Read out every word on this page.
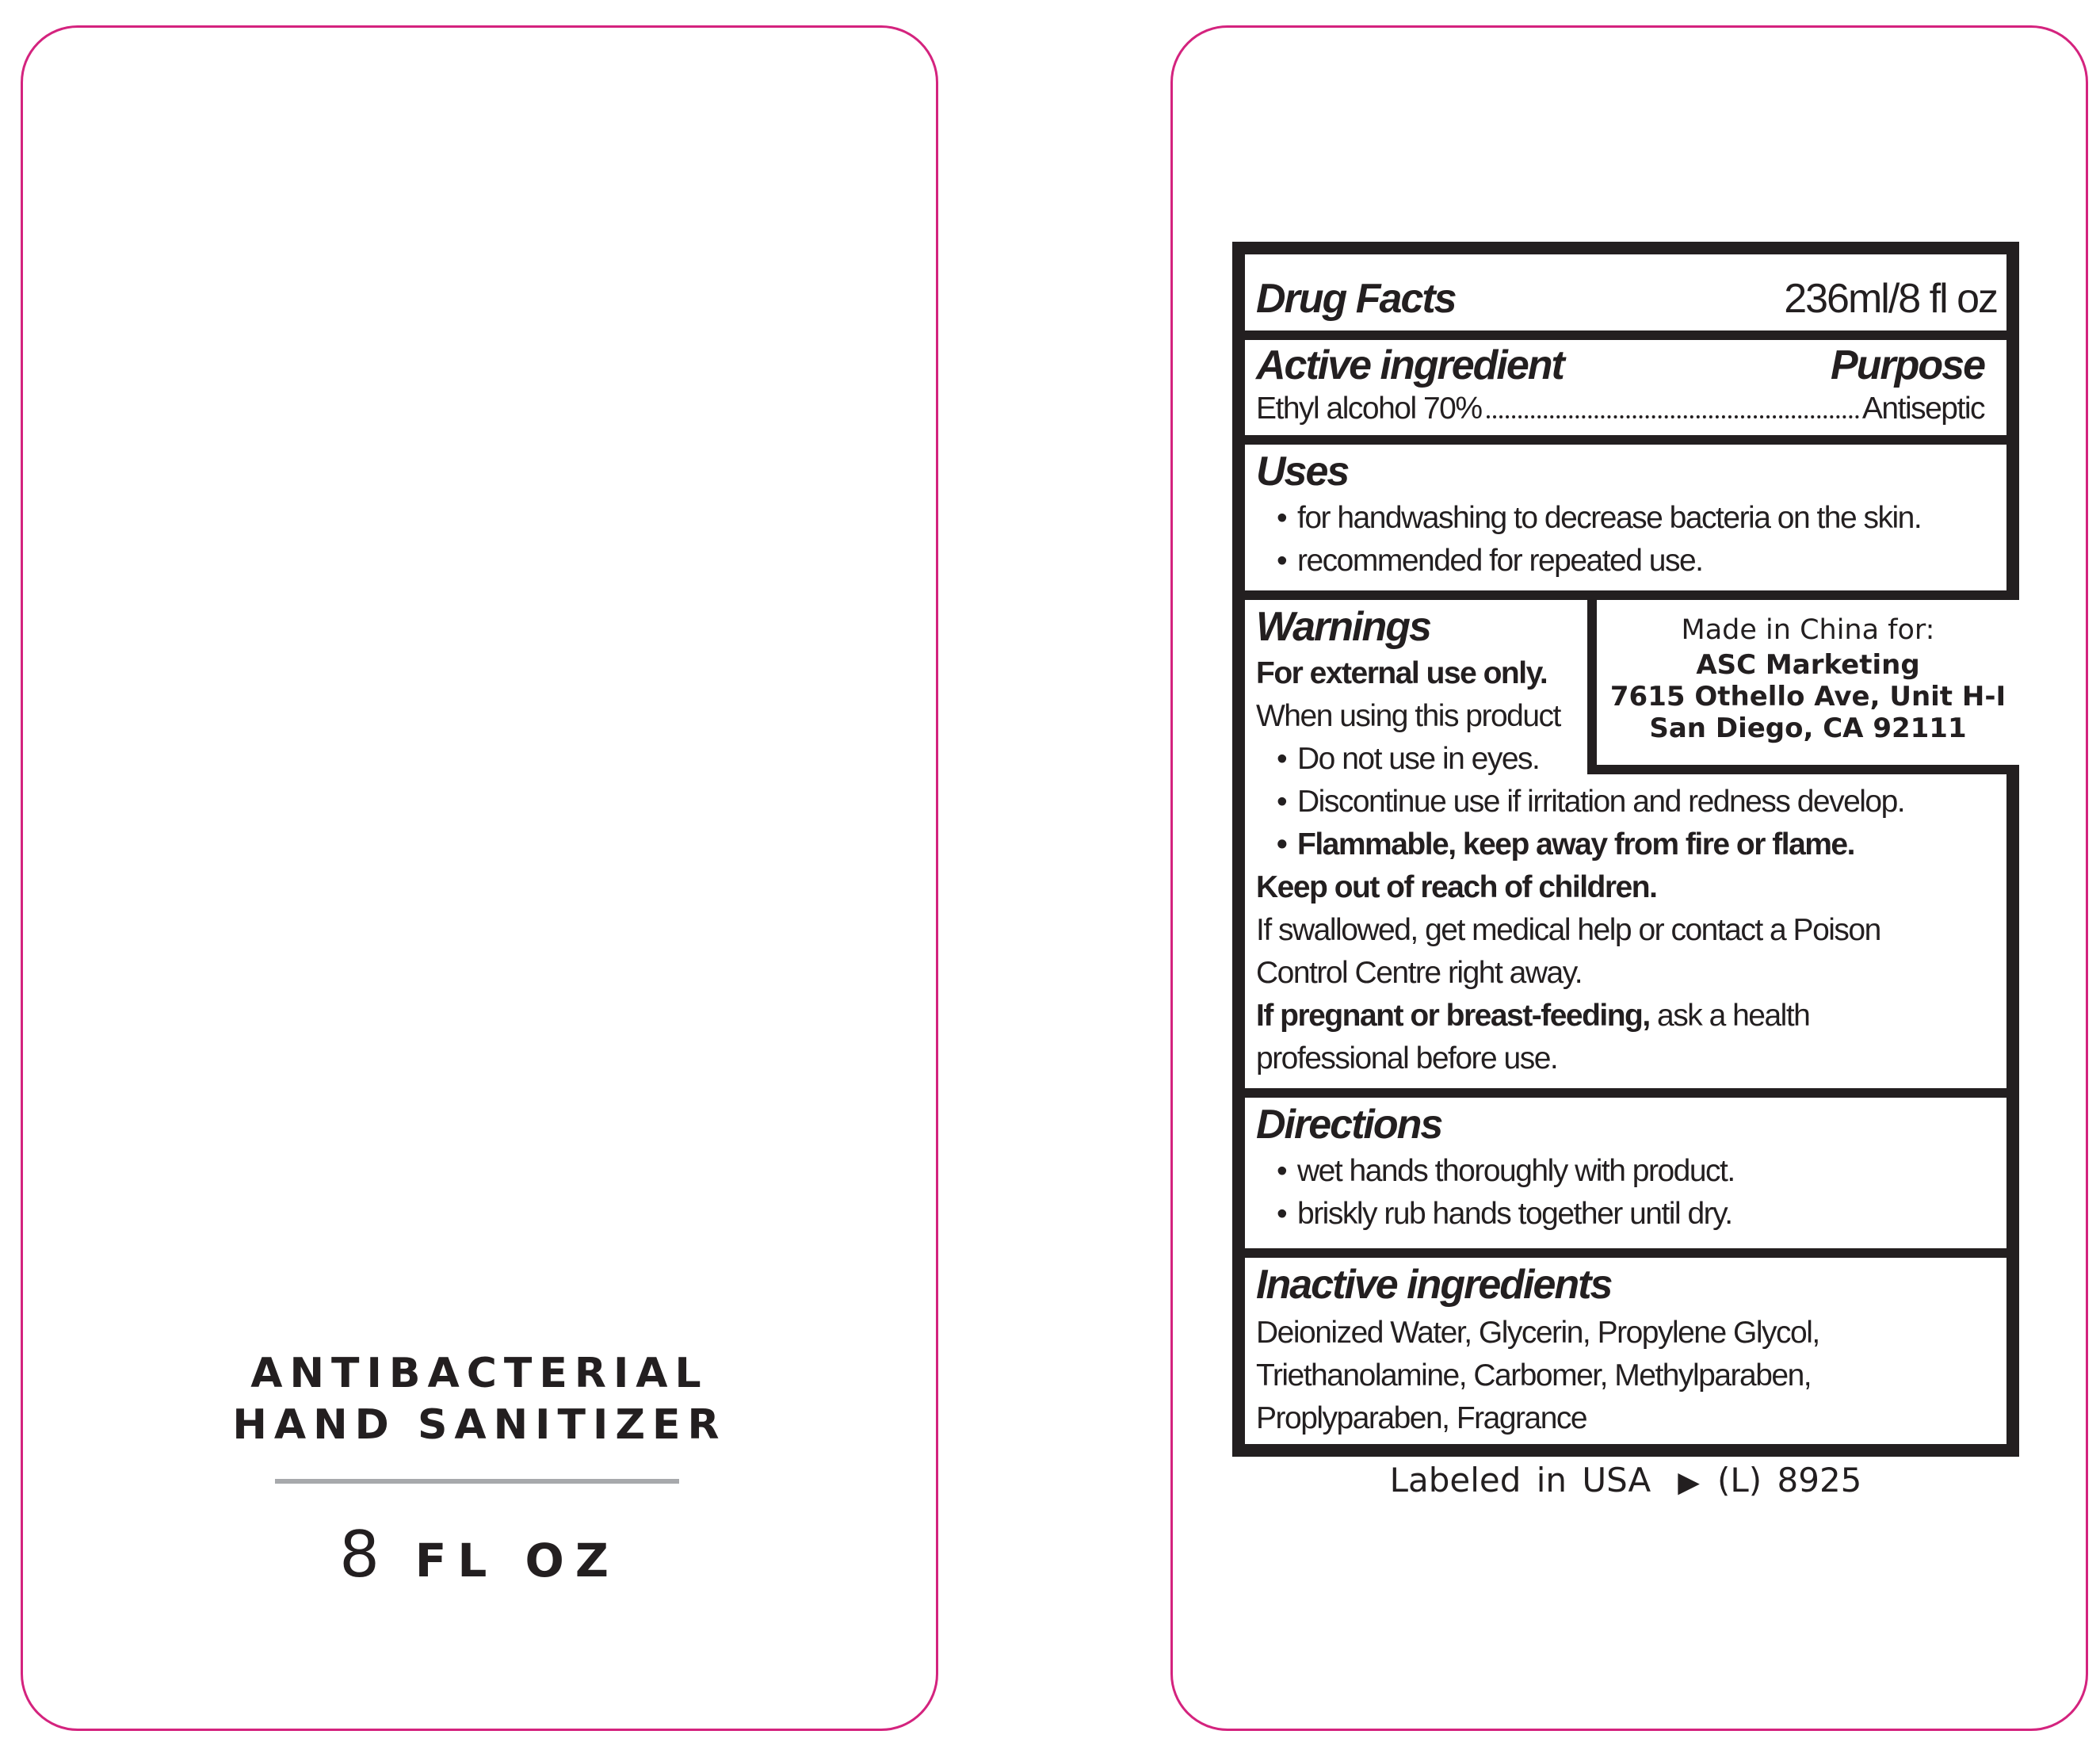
ANTIBACTERIAL
HAND SANITIZER
8 FL OZ
Drug Facts	236ml/8 fl oz
Active ingredient	Purpose
Ethyl alcohol 70%	Antiseptic
Uses
• for handwashing to decrease bacteria on the skin.
• recommended for repeated use.
Warnings
For external use only.
When using this product
• Do not use in eyes.
• Discontinue use if irritation and redness develop.
• Flammable, keep away from fire or flame.
Keep out of reach of children.
If swallowed, get medical help or contact a Poison
Control Centre right away.
If pregnant or breast-feeding, ask a health
professional before use.
Made in China for:
ASC Marketing
7615 Othello Ave, Unit H-I
San Diego, CA 92111
Directions
• wet hands thoroughly with product.
• briskly rub hands together until dry.
Inactive ingredients
Deionized Water, Glycerin, Propylene Glycol,
Triethanolamine, Carbomer, Methylparaben,
Proplyparaben, Fragrance
Labeled in USA ▶ (L) 8925
